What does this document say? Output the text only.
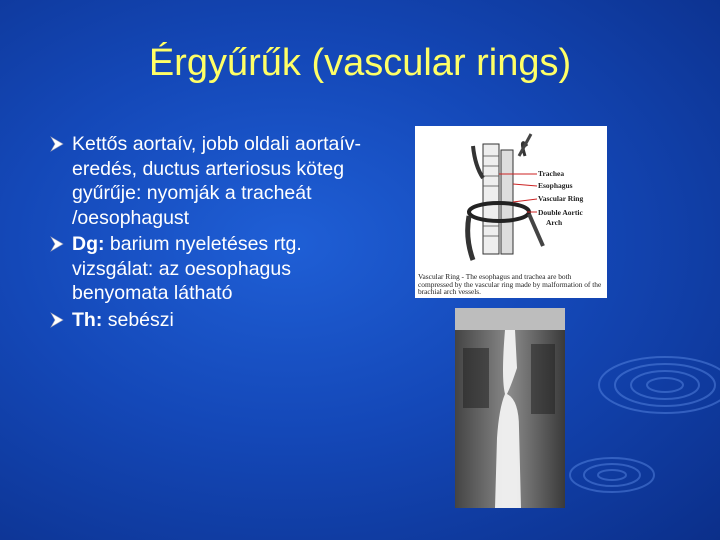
Érgyűrűk (vascular rings)
Kettős aortaív, jobb oldali aortaív-eredés, ductus arteriosus köteg gyűrűje: nyomják a tracheát /oesophagust
Dg: barium nyeletéses rtg. vizsgálat: az oesophagus benyomata látható
Th: sebészi
Trachea
Esophagus
Vascular Ring
Double Aortic
Arch
Vascular Ring - The esophagus and trachea are both compressed by the vascular ring made by malformation of the brachial arch vessels.
